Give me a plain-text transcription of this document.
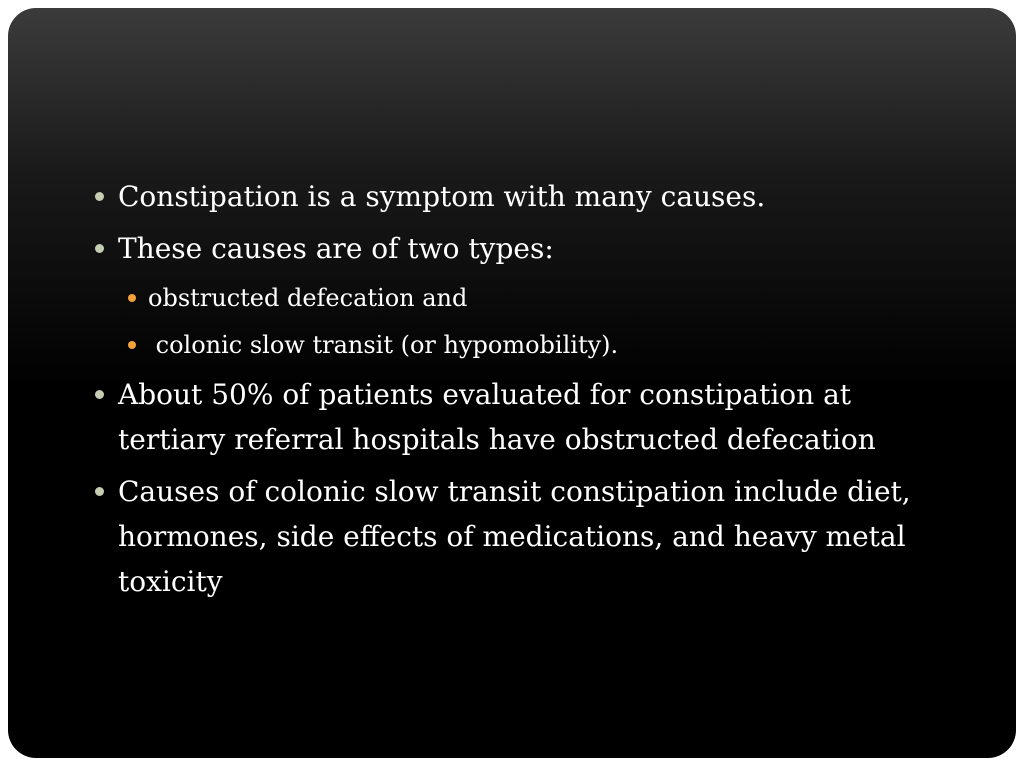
Constipation is a symptom with many causes.
These causes are of two types:
obstructed defecation and
colonic slow transit (or hypomobility).
About 50% of patients evaluated for constipation at tertiary referral hospitals have obstructed defecation
Causes of colonic slow transit constipation include diet, hormones, side effects of medications, and heavy metal toxicity
